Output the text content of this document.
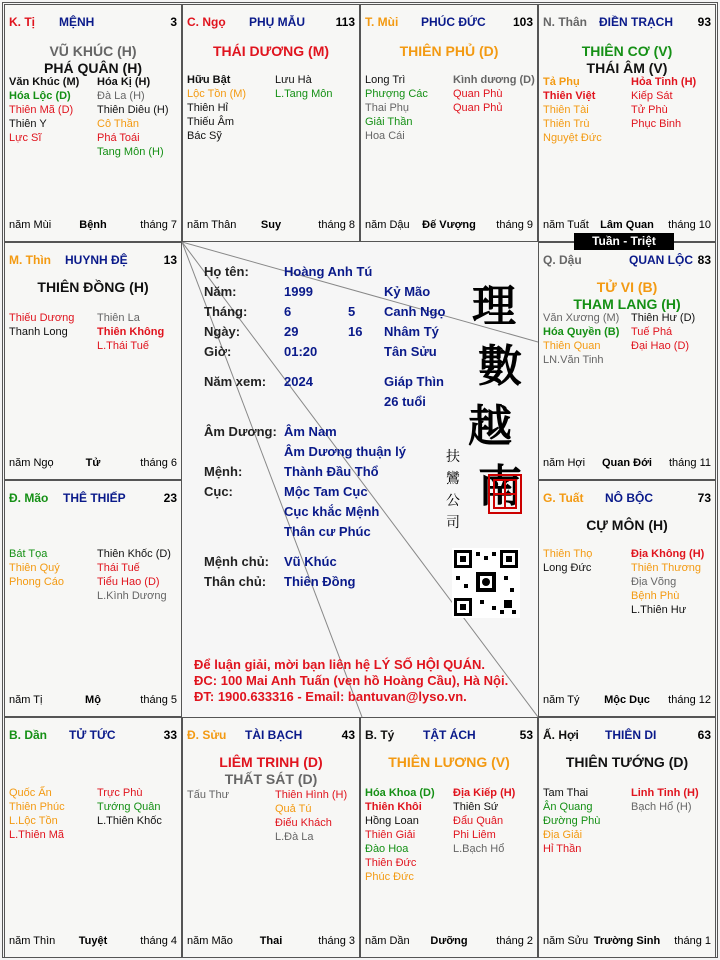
K. Tị MỆNH	3
VŨ KHÚC (H)
PHÁ QUÂN (H)
Văn Khúc (M)
Hóa Lộc (D)
Thiên Mã (D)
Thiên Y
Lực Sĩ
Hóa Kị (H)
Đà La (H)
Thiên Diêu (H)
Cô Thần
Phá Toái
Tang Môn (H)
năm Mùi	Bệnh	tháng 7
C. Ngọ PHỤ MẪU	113
THÁI DƯƠNG (M)
Hữu Bật
Lộc Tồn (M)
Thiên Hỉ
Thiếu Âm
Bác Sỹ
Lưu Hà
L.Tang Môn
năm Thân	Suy	tháng 8
T. Mùi PHÚC ĐỨC 103
THIÊN PHỦ (D)
Long Trì
Phượng Các
Thai Phụ
Giải Thần
Hoa Cái
Kình dương (D)
Quan Phù
Quan Phủ
năm Dậu	Đế Vượng	tháng 9
N. Thân ĐIỀN TRẠCH 93
THIÊN CƠ (V)
THÁI ÂM (V)
Tả Phụ
Thiên Việt
Thiên Tài
Thiên Trù
Nguyệt Đức
Hỏa Tinh (H)
Kiếp Sát
Tử Phù
Phục Binh
năm Tuất	Lâm Quan	tháng 10
M. Thìn HUYNH ĐỆ	13
THIÊN ĐỒNG (H)
Thiếu Dương
Thanh Long
Thiên La
Thiên Không
L.Thái Tuế
năm Ngọ	Tử	tháng 6
Q. Dậu	QUAN LỘC 83
TỬ VI (B)
THAM LANG (H)
Văn Xương (M)
Hóa Quyền (B)
Thiên Quan
LN.Văn Tinh
Thiên Hư (D)
Tuế Phá
Đại Hao (D)
năm Hợi	Quan Đới	tháng 11
Đ. Mão THÊ THIẾP	23
Bát Tọa
Thiên Quý
Phong Cáo
Thiên Khốc (D)
Thái Tuế
Tiểu Hao (D)
L.Kình Dương
năm Tị	Mộ	tháng 5
G. Tuất NÔ BỘC	73
CỰ MÔN (H)
Thiên Thọ
Long Đức
Địa Không (H)
Thiên Thương
Địa Võng
Bệnh Phù
L.Thiên Hư
năm Tý	Mộc Dục	tháng 12
B. Dần TỬ TỨC	33
Quốc Ấn
Thiên Phúc
L.Lộc Tồn
L.Thiên Mã
Trực Phù
Tướng Quân
L.Thiên Khốc
năm Thìn	Tuyệt	tháng 4
Đ. Sửu TÀI BẠCH	43
LIÊM TRINH (D)
THẤT SÁT (D)
Tấu Thư	Thiên Hình (H)
Quả Tú
Điếu Khách
L.Đà La
năm Mão	Thai	tháng 3
B. Tý TẬT ÁCH	53
THIÊN LƯƠNG (V)
Hóa Khoa (D)
Thiên Khôi
Hồng Loan
Thiên Giải
Đào Hoa
Thiên Đức
Phúc Đức
Địa Kiếp (H)
Thiên Sứ
Đẩu Quân
Phi Liêm
L.Bạch Hổ
năm Dần	Dưỡng	tháng 2
Ấ. Hợi THIÊN DI	63
THIÊN TƯỚNG (D)
Tam Thai
Ân Quang
Đường Phù
Địa Giải
Hỉ Thần
Linh Tinh (H)
Bạch Hổ (H)
năm Sửu Trường Sinh	tháng 1
Tuần - Triệt
Họ tên:	Hoàng Anh Tú
Năm:	1999	Kỷ Mão
Tháng:	6	5 Canh Ngọ
Ngày:	29	16 Nhâm Tý
Giờ:	01:20	Tân Sửu
Năm xem: 2024	Giáp Thìn
26 tuổi
Âm Dương: Âm Nam
Âm Dương thuận lý
Mệnh:	Thành Đầu Thổ
Cục:	Mộc Tam Cục
Cục khắc Mệnh
Thân cư Phúc
Mệnh chủ: Vũ Khúc
Thân chủ: Thiên Đồng
理
數
越
南
扶
鸞
公
司
Để luận giải, mời bạn liên hệ LÝ SỐ HỘI QUÁN.
ĐC: 100 Mai Anh Tuấn (ven hồ Hoàng Cầu), Hà Nội.
ĐT: 1900.633316 - Email: bantuvan@lyso.vn.
